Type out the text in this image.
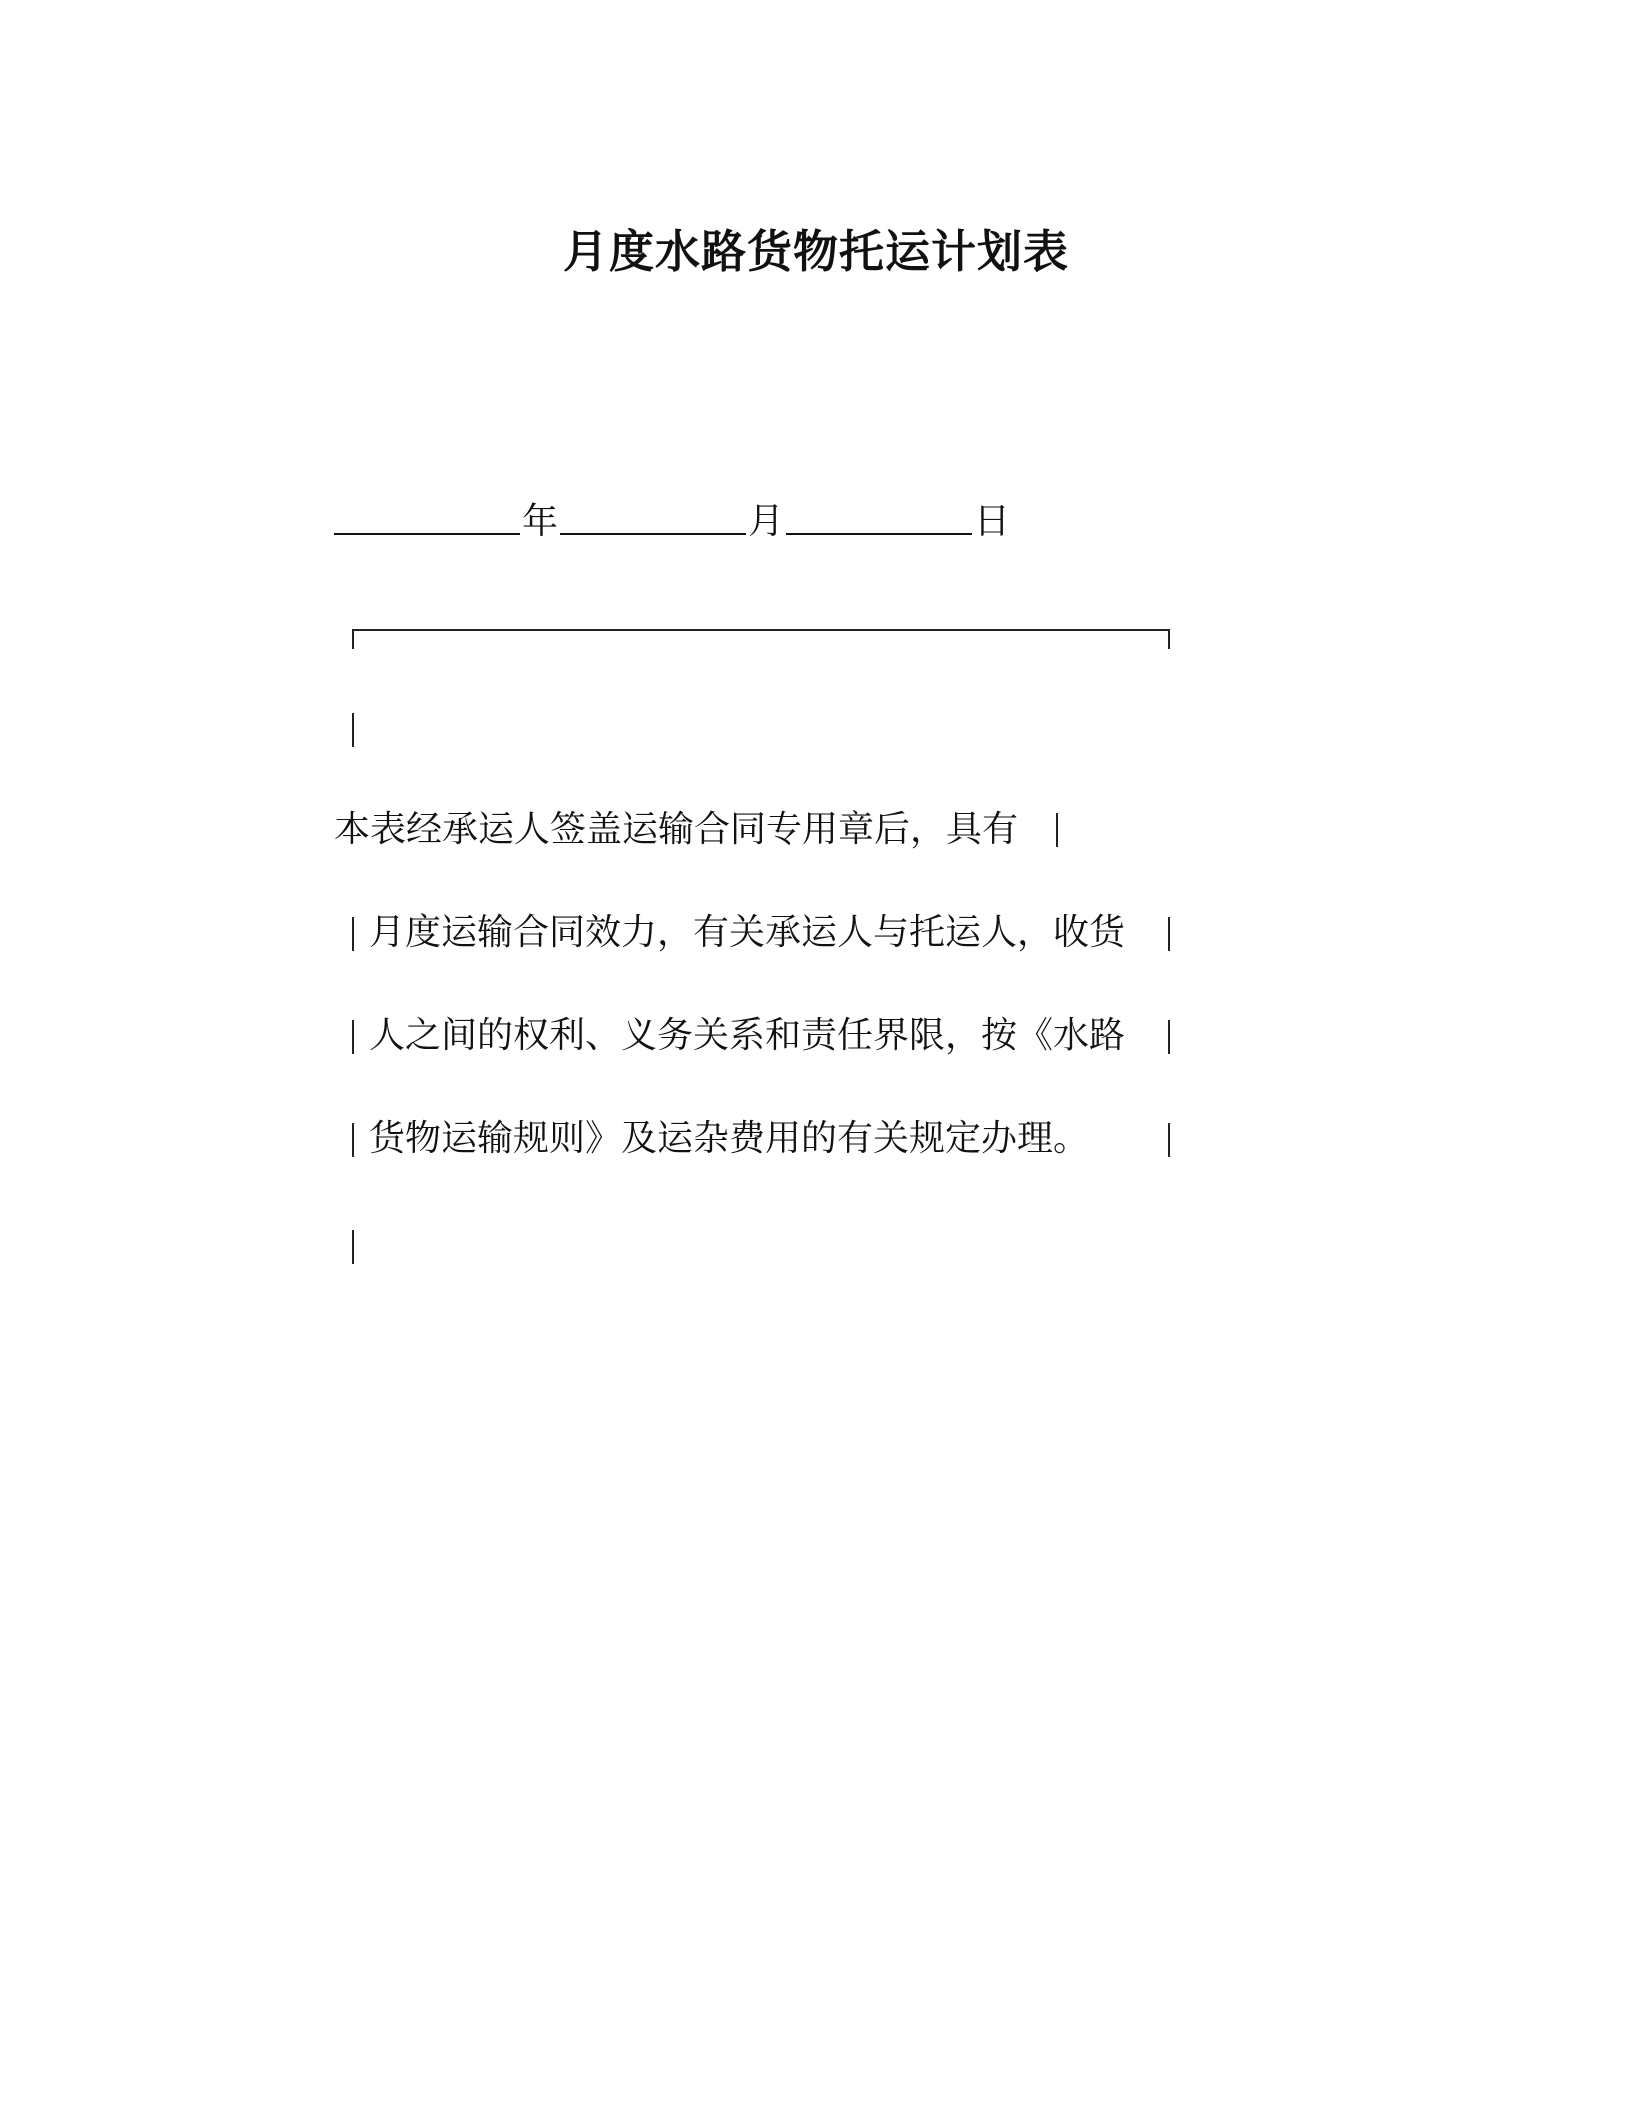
月度水路货物托运计划表
年	月	日
本表经承运人签盖运输合同专用章后，具有
月度运输合同效力，有关承运人与托运人，收货
人之间的权利、义务关系和责任界限，按《水路
货物运输规则》及运杂费用的有关规定办理。
